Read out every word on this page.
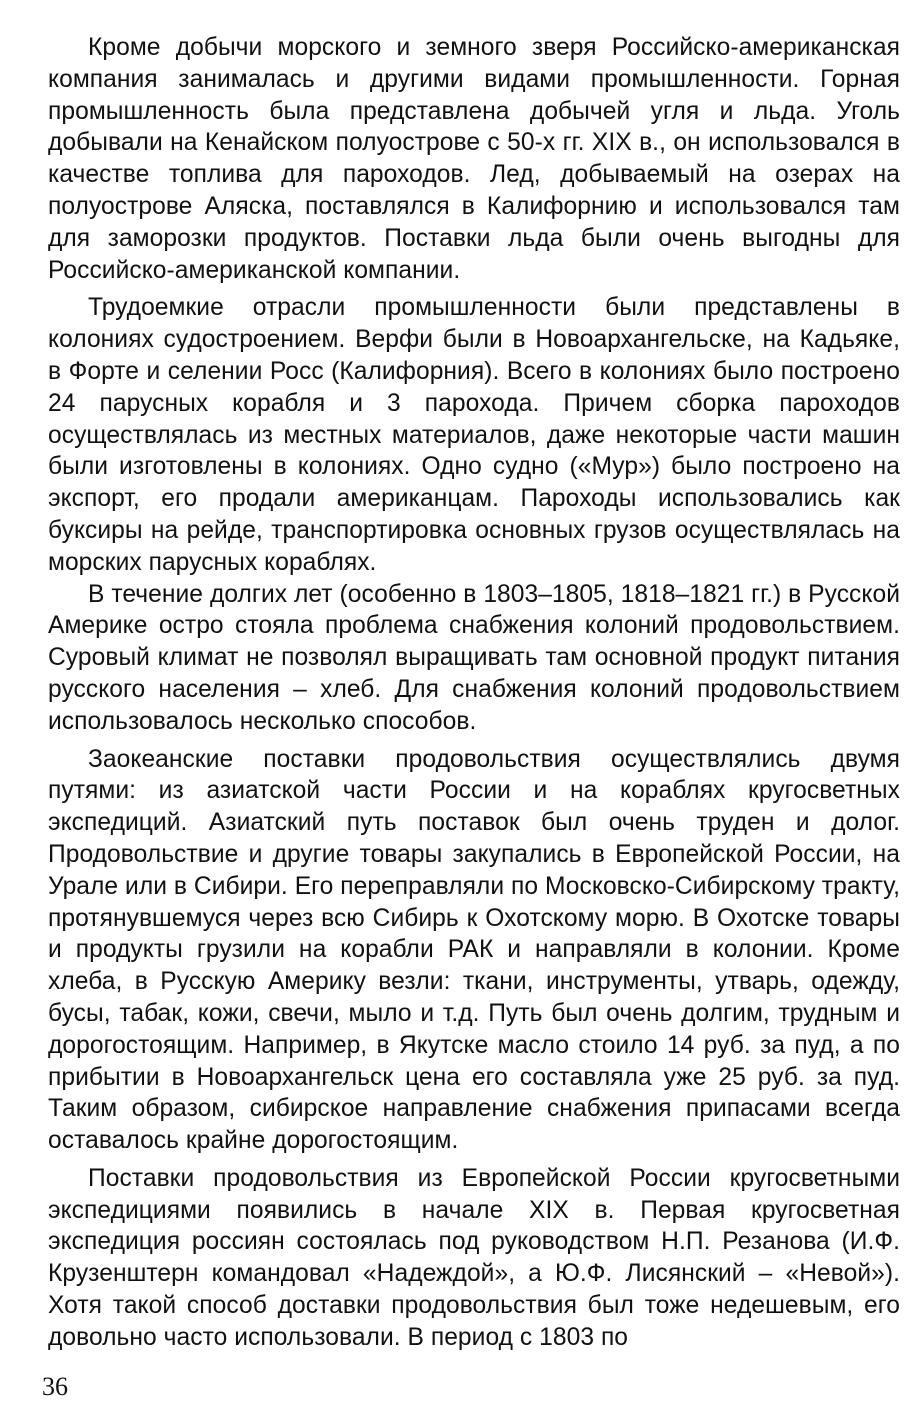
Кроме добычи морского и земного зверя Российско-американская компания занималась и другими видами промышленности. Горная промышленность была представлена добычей угля и льда. Уголь добывали на Кенайском полуострове с 50-х гг. XIX в., он использовался в качестве топлива для пароходов. Лед, добываемый на озерах на полуострове Аляска, поставлялся в Калифорнию и использовался там для заморозки продуктов. Поставки льда были очень выгодны для Российско-американской компании.

Трудоемкие отрасли промышленности были представлены в колониях судостроением. Верфи были в Новоархангельске, на Кадьяке, в Форте и селении Росс (Калифорния). Всего в колониях было построено 24 парусных корабля и 3 парохода. Причем сборка пароходов осуществлялась из местных материалов, даже некоторые части машин были изготовлены в колониях. Одно судно («Мур») было построено на экспорт, его продали американцам. Пароходы использовались как буксиры на рейде, транспортировка основных грузов осуществлялась на морских парусных кораблях.

В течение долгих лет (особенно в 1803–1805, 1818–1821 гг.) в Русской Америке остро стояла проблема снабжения колоний продовольствием. Суровый климат не позволял выращивать там основной продукт питания русского населения – хлеб. Для снабжения колоний продовольствием использовалось несколько способов.

Заокеанские поставки продовольствия осуществлялись двумя путями: из азиатской части России и на кораблях кругосветных экспедиций. Азиатский путь поставок был очень труден и долог. Продовольствие и другие товары закупались в Европейской России, на Урале или в Сибири. Его переправляли по Московско-Сибирскому тракту, протянувшемуся через всю Сибирь к Охотскому морю. В Охотске товары и продукты грузили на корабли РАК и направляли в колонии. Кроме хлеба, в Русскую Америку везли: ткани, инструменты, утварь, одежду, бусы, табак, кожи, свечи, мыло и т.д. Путь был очень долгим, трудным и дорогостоящим. Например, в Якутске масло стоило 14 руб. за пуд, а по прибытии в Новоархангельск цена его составляла уже 25 руб. за пуд. Таким образом, сибирское направление снабжения припасами всегда оставалось крайне дорогостоящим.

Поставки продовольствия из Европейской России кругосветными экспедициями появились в начале XIX в. Первая кругосветная экспедиция россиян состоялась под руководством Н.П. Резанова (И.Ф. Крузенштерн командовал «Надеждой», а Ю.Ф. Лисянский – «Невой»). Хотя такой способ доставки продовольствия был тоже недешевым, его довольно часто использовали. В период с 1803 по

36
